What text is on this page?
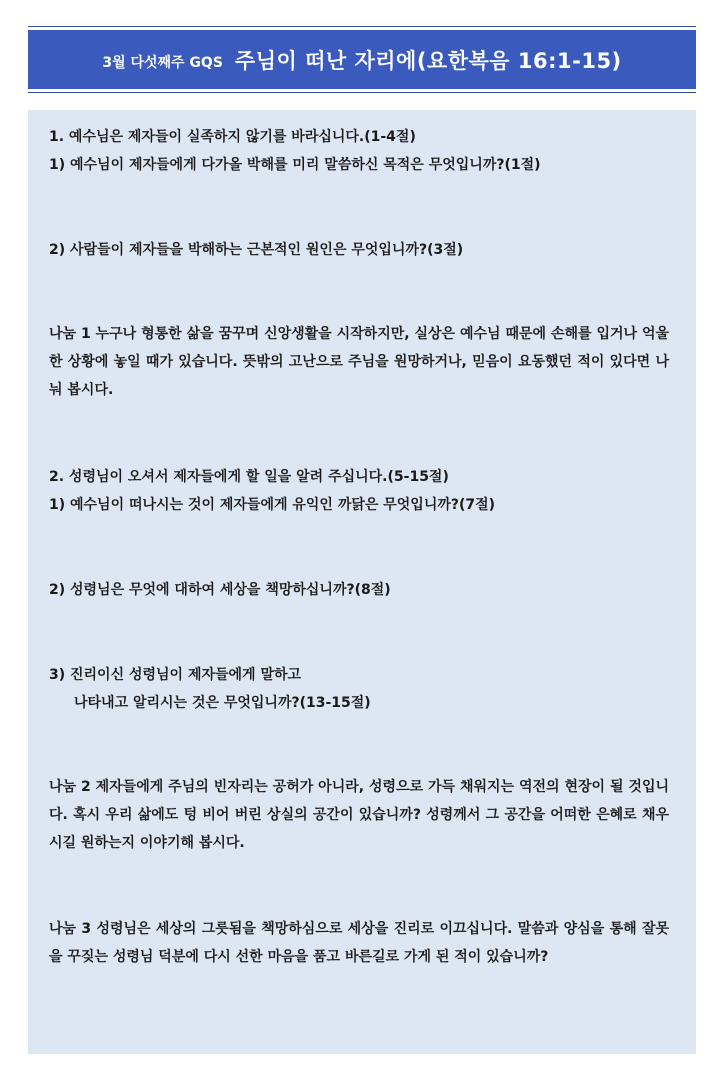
3월 다섯째주 GQS 주님이 떠난 자리에(요한복음 16:1-15)
1. 예수님은 제자들이 실족하지 않기를 바라십니다.(1-4절)
1) 예수님이 제자들에게 다가올 박해를 미리 말씀하신 목적은 무엇입니까?(1절)
2) 사람들이 제자들을 박해하는 근본적인 원인은 무엇입니까?(3절)
나눔 1 누구나 형통한 삶을 꿈꾸며 신앙생활을 시작하지만, 실상은 예수님 때문에 손해를 입거나 억울한 상황에 놓일 때가 있습니다. 뜻밖의 고난으로 주님을 원망하거나, 믿음이 요동했던 적이 있다면 나눠 봅시다.
2. 성령님이 오셔서 제자들에게 할 일을 알려 주십니다.(5-15절)
1) 예수님이 떠나시는 것이 제자들에게 유익인 까닭은 무엇입니까?(7절)
2) 성령님은 무엇에 대하여 세상을 책망하십니까?(8절)
3) 진리이신 성령님이 제자들에게 말하고
나타내고 알리시는 것은 무엇입니까?(13-15절)
나눔 2 제자들에게 주님의 빈자리는 공허가 아니라, 성령으로 가득 채워지는 역전의 현장이 될 것입니다. 혹시 우리 삶에도 텅 비어 버린 상실의 공간이 있습니까? 성령께서 그 공간을 어떠한 은혜로 채우시길 원하는지 이야기해 봅시다.
나눔 3 성령님은 세상의 그릇됨을 책망하심으로 세상을 진리로 이끄십니다. 말씀과 양심을 통해 잘못을 꾸짖는 성령님 덕분에 다시 선한 마음을 품고 바른길로 가게 된 적이 있습니까?
